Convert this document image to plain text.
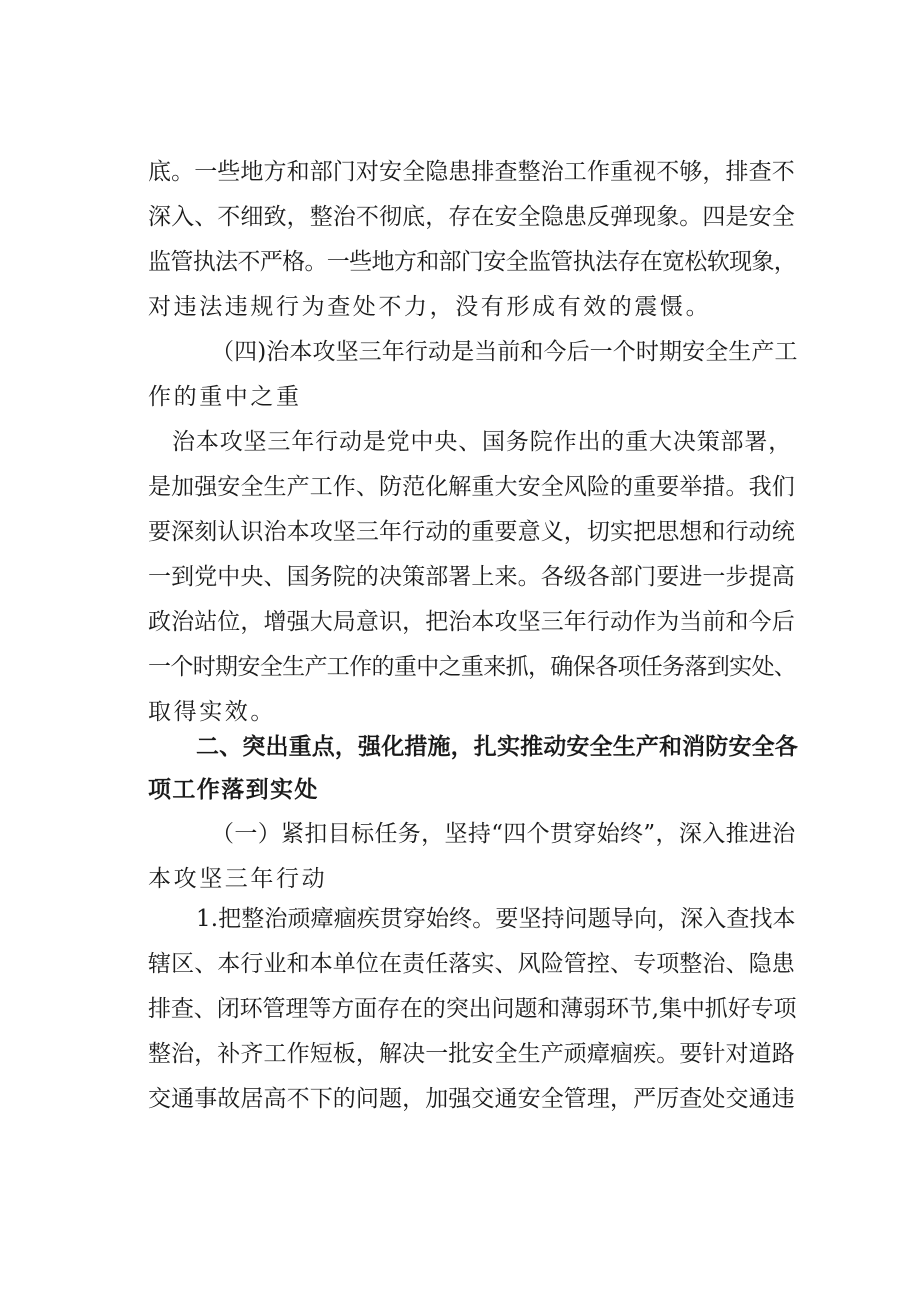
底。一些地方和部门对安全隐患排查整治工作重视不够，排查不
深入、不细致，整治不彻底，存在安全隐患反弹现象。四是安全
监管执法不严格。一些地方和部门安全监管执法存在宽松软现象，
对违法违规行为查处不力，没有形成有效的震慑。
（四)治本攻坚三年行动是当前和今后一个时期安全生产工
作的重中之重
治本攻坚三年行动是党中央、国务院作出的重大决策部署，
是加强安全生产工作、防范化解重大安全风险的重要举措。我们
要深刻认识治本攻坚三年行动的重要意义，切实把思想和行动统
一到党中央、国务院的决策部署上来。各级各部门要进一步提高
政治站位，增强大局意识，把治本攻坚三年行动作为当前和今后
一个时期安全生产工作的重中之重来抓，确保各项任务落到实处、
取得实效。
二、突出重点，强化措施，扎实推动安全生产和消防安全各
项工作落到实处
（一）紧扣目标任务，坚持“四个贯穿始终”，深入推进治
本攻坚三年行动
1.把整治顽瘴痼疾贯穿始终。要坚持问题导向，深入查找本
辖区、本行业和本单位在责任落实、风险管控、专项整治、隐患
排查、闭环管理等方面存在的突出问题和薄弱环节,集中抓好专项
整治，补齐工作短板，解决一批安全生产顽瘴痼疾。要针对道路
交通事故居高不下的问题，加强交通安全管理，严厉查处交通违
